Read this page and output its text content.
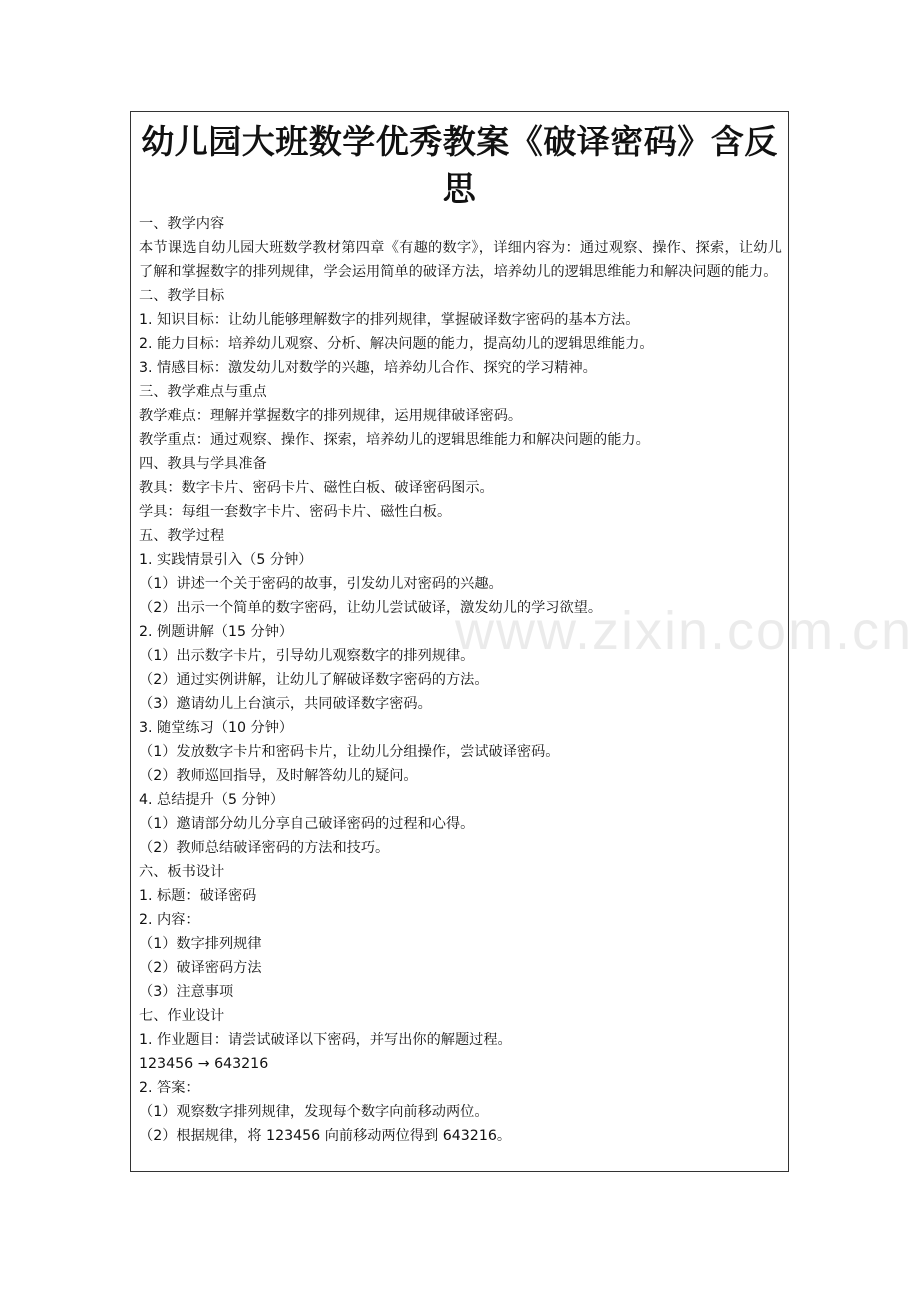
幼儿园大班数学优秀教案《破译密码》含反思

一、教学内容

本节课选自幼儿园大班数学教材第四章《有趣的数字》，详细内容为：通过观察、操作、探索，让幼儿了解和掌握数字的排列规律，学会运用简单的破译方法，培养幼儿的逻辑思维能力和解决问题的能力。

二、教学目标

1. 知识目标：让幼儿能够理解数字的排列规律，掌握破译数字密码的基本方法。

2. 能力目标：培养幼儿观察、分析、解决问题的能力，提高幼儿的逻辑思维能力。

3. 情感目标：激发幼儿对数学的兴趣，培养幼儿合作、探究的学习精神。

三、教学难点与重点

教学难点：理解并掌握数字的排列规律，运用规律破译密码。

教学重点：通过观察、操作、探索，培养幼儿的逻辑思维能力和解决问题的能力。

四、教具与学具准备

教具：数字卡片、密码卡片、磁性白板、破译密码图示。

学具：每组一套数字卡片、密码卡片、磁性白板。

五、教学过程

1. 实践情景引入（5 分钟）

（1）讲述一个关于密码的故事，引发幼儿对密码的兴趣。

（2）出示一个简单的数字密码，让幼儿尝试破译，激发幼儿的学习欲望。

2. 例题讲解（15 分钟）

（1）出示数字卡片，引导幼儿观察数字的排列规律。

（2）通过实例讲解，让幼儿了解破译数字密码的方法。

（3）邀请幼儿上台演示，共同破译数字密码。

3. 随堂练习（10 分钟）

（1）发放数字卡片和密码卡片，让幼儿分组操作，尝试破译密码。

（2）教师巡回指导，及时解答幼儿的疑问。

4. 总结提升（5 分钟）

（1）邀请部分幼儿分享自己破译密码的过程和心得。

（2）教师总结破译密码的方法和技巧。

六、板书设计

1. 标题：破译密码

2. 内容：

（1）数字排列规律

（2）破译密码方法

（3）注意事项

七、作业设计

1. 作业题目：请尝试破译以下密码，并写出你的解题过程。

123456 → 643216

2. 答案：

（1）观察数字排列规律，发现每个数字向前移动两位。

（2）根据规律，将 123456 向前移动两位得到 643216。

www.zixin.com.cn
